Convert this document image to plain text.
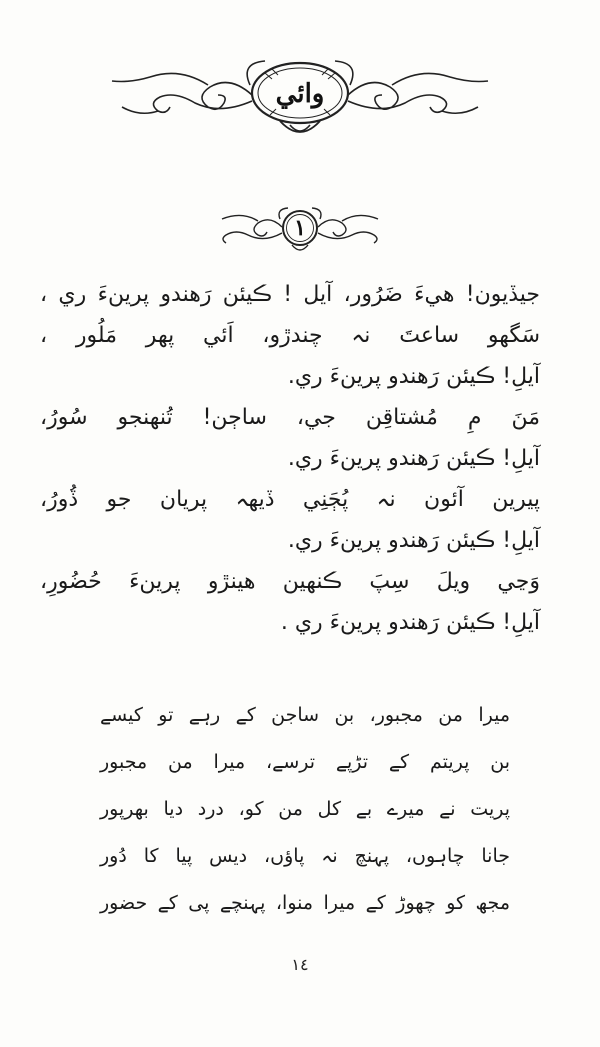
وائي
١
جيڏيون! هيءَ ضَرُور، آيل ! ڪيئن رَهندو پرينءَ ري ،
سَگهو ساعتَ نہ چندڙو، اَئي پهر مَلُور ،
آيلِ! ڪيئن رَهندو پرينءَ ري.
مَنَ مِ مُشتاقِن جي، ساڄن! تُنهنجو سُورُ،
آيلِ! ڪيئن رَهندو پرينءَ ري.
پيرين آئون نہ پُڄَنِي ڏيهہ پريان جو ڏُورُ،
آيلِ! ڪيئن رَهندو پرينءَ ري.
وَڃي ويلَ سِپَ ڪنهين هينڙو پرينءَ حُضُورِ،
آيلِ! ڪيئن رَهندو پرينءَ ري .
میرا من مجبور، بن ساجن کے رہے تو کیسے
بن پریتم کے تڑپے ترسے، میرا من مجبور
پریت نے میرے بے کل من کو، درد دیا بھرپور
جانا چاہوں، پہنچ نہ پاؤں، دیس پیا کا دُور
مجھ کو چھوڑ کے میرا منوا، پہنچے پی کے حضور
١٤
